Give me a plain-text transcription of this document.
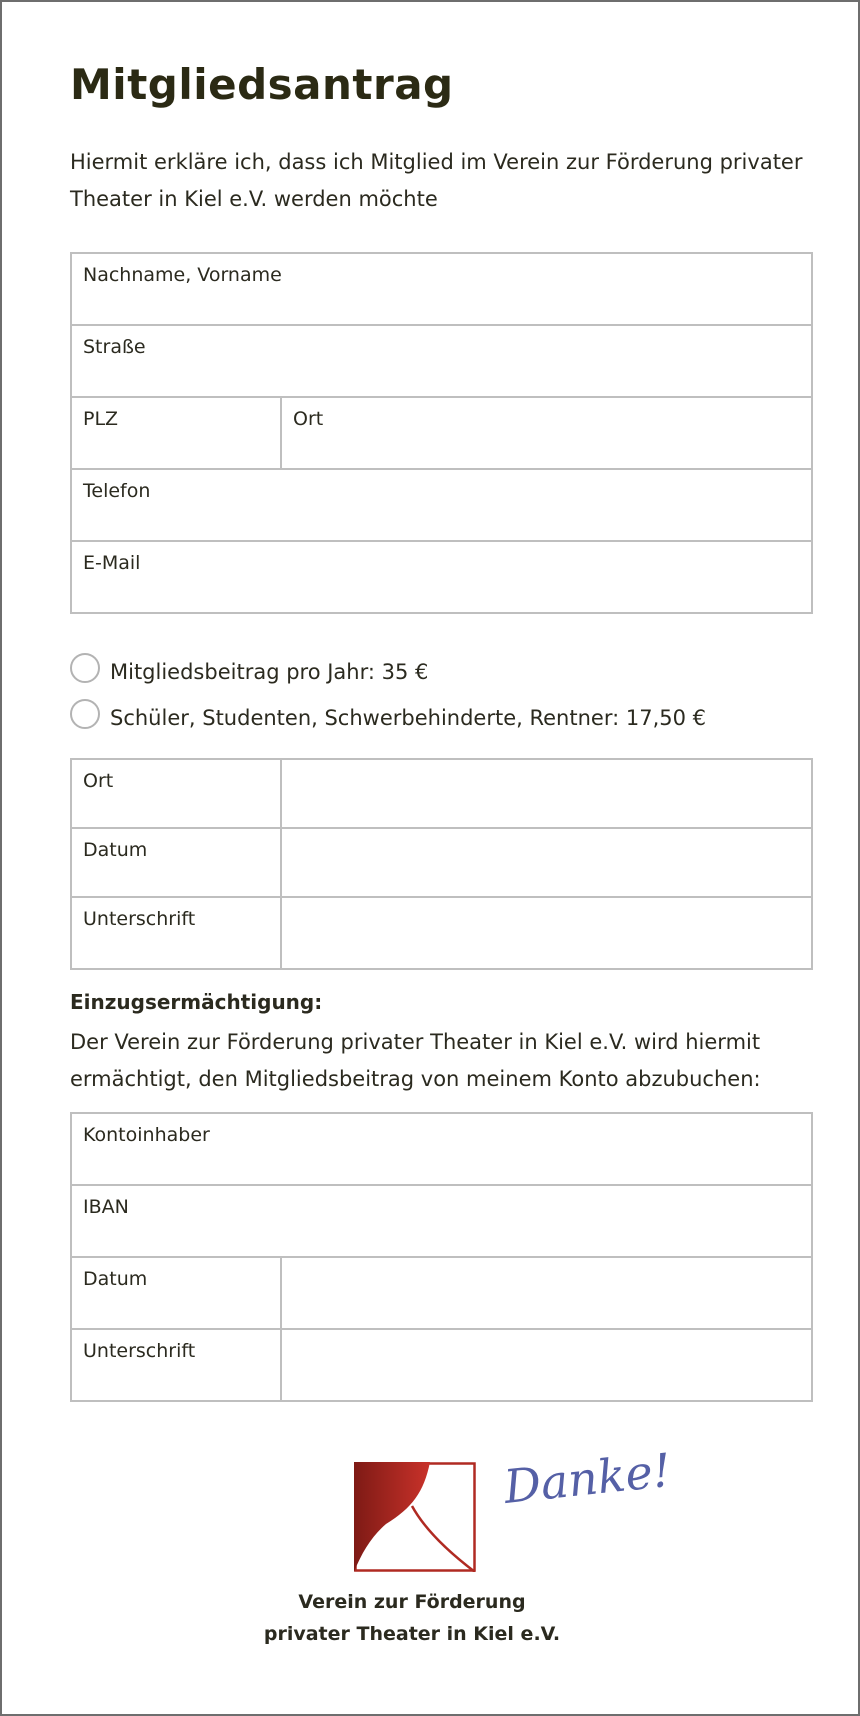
Mitgliedsantrag

Hiermit erkläre ich, dass ich Mitglied im Verein zur Förderung privater Theater in Kiel e.V. werden möchte

Nachname, Vorname
Straße
PLZ	Ort
Telefon
E-Mail
Mitgliedsbeitrag pro Jahr: 35 €
Schüler, Studenten, Schwerbehinderte, Rentner: 17,50 €
Ort	
Datum	
Unterschrift	

Einzugsermächtigung:

Der Verein zur Förderung privater Theater in Kiel e.V. wird hiermit ermächtigt, den Mitgliedsbeitrag von meinem Konto abzubuchen:

Kontoinhaber	
IBAN	
Datum	
Unterschrift	
Danke!
Verein zur Förderung
privater Theater in Kiel e.V.
